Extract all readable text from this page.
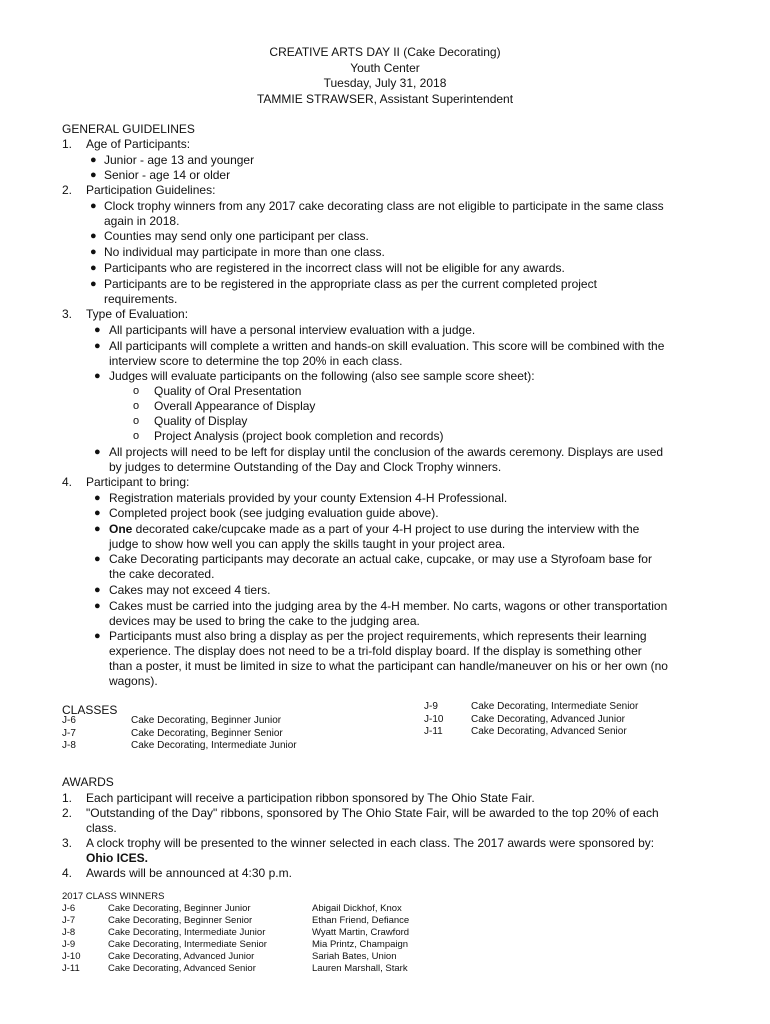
CREATIVE ARTS DAY II (Cake Decorating)
Youth Center
Tuesday, July 31, 2018
TAMMIE STRAWSER, Assistant Superintendent
GENERAL GUIDELINES
1.	Age of Participants:
● Junior - age 13 and younger
● Senior - age 14 or older
2.	Participation Guidelines:
● Clock trophy winners from any 2017 cake decorating class are not eligible to participate in the same class
again in 2018.
● Counties may send only one participant per class.
● No individual may participate in more than one class.
● Participants who are registered in the incorrect class will not be eligible for any awards.
● Participants are to be registered in the appropriate class as per the current completed project
requirements.
3.	Type of Evaluation:
● All participants will have a personal interview evaluation with a judge.
● All participants will complete a written and hands-on skill evaluation. This score will be combined with the
interview score to determine the top 20% in each class.
● Judges will evaluate participants on the following (also see sample score sheet):
o Quality of Oral Presentation
o Overall Appearance of Display
o Quality of Display
o Project Analysis (project book completion and records)
● All projects will need to be left for display until the conclusion of the awards ceremony. Displays are used
by judges to determine Outstanding of the Day and Clock Trophy winners.
4.	Participant to bring:
● Registration materials provided by your county Extension 4-H Professional.
● Completed project book (see judging evaluation guide above).
● One decorated cake/cupcake made as a part of your 4-H project to use during the interview with the
judge to show how well you can apply the skills taught in your project area.
● Cake Decorating participants may decorate an actual cake, cupcake, or may use a Styrofoam base for
the cake decorated.
● Cakes may not exceed 4 tiers.
● Cakes must be carried into the judging area by the 4-H member. No carts, wagons or other transportation
devices may be used to bring the cake to the judging area.
● Participants must also bring a display as per the project requirements, which represents their learning
experience. The display does not need to be a tri-fold display board. If the display is something other
than a poster, it must be limited in size to what the participant can handle/maneuver on his or her own (no
wagons).
CLASSES
J-6	Cake Decorating, Beginner Junior
J-7	Cake Decorating, Beginner Senior
J-8	Cake Decorating, Intermediate Junior
J-9	Cake Decorating, Intermediate Senior
J-10	Cake Decorating, Advanced Junior
J-11	Cake Decorating, Advanced Senior
AWARDS
1.	Each participant will receive a participation ribbon sponsored by The Ohio State Fair.
2.	"Outstanding of the Day" ribbons, sponsored by The Ohio State Fair, will be awarded to the top 20% of each
class.
3.	A clock trophy will be presented to the winner selected in each class. The 2017 awards were sponsored by:
Ohio ICES.
4.	Awards will be announced at 4:30 p.m.
2017 CLASS WINNERS
J-6	Cake Decorating, Beginner Junior	Abigail Dickhof, Knox
J-7	Cake Decorating, Beginner Senior	Ethan Friend, Defiance
J-8	Cake Decorating, Intermediate Junior	Wyatt Martin, Crawford
J-9	Cake Decorating, Intermediate Senior	Mia Printz, Champaign
J-10	Cake Decorating, Advanced Junior	Sariah Bates, Union
J-11	Cake Decorating, Advanced Senior	Lauren Marshall, Stark
